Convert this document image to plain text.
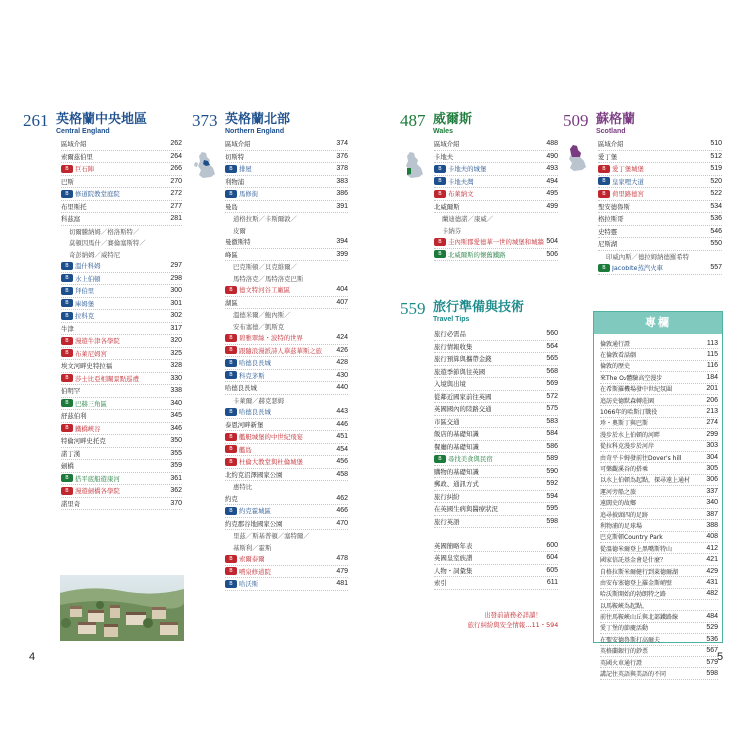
261 英格蘭中央地區
Central England
區域介紹	262
索爾茲伯里	264
B 巨石陣	266
巴斯	270
B 修道院教堂庭院	272
布里斯托	277
科茲窩	281
切爾騰納姆／格洛斯特／
莫頓因馬什／賽倫塞斯特／
奇彭納姆／威特尼
B 溫什科姆	297
B 水上伯頓	298
B 拜伯里	300
B 庫姆堡	301
B 拉科克	302
牛津	317
B 漫遊牛津各學院	320
B 布萊尼姆宮	325
埃文河畔史特拉福	328
B 莎士比亞相關景點巡禮	330
伯明罕	338
B 巴赫三角區	340
舒茲伯利	345
B 鐵橋峽谷	346
特倫河畔史托克	350
諾丁漢	355
劍橋	359
B 搭平底船遊康河	361
B 漫遊劍橋各學院	362
諾里奇	370
373 英格蘭北部
Northern England
區域介紹	374
切斯特	376
B 排屋	378
利物浦	383
B 馬修街	386
曼島	391
道格拉斯／卡斯爾敦／
皮爾
曼徹斯特	394
峰區	399
巴克斯頓／貝克維爾／
馬特洛克／馬特洛克巴斯
B 德文特河谷工廠區	404
湖區	407
溫德米爾／鮑內斯／
安布塞德／凱斯克
B 碧雅翠絲・波特的世界	424
B 跟隨浪漫派詩人華茲華斯之旅 426
B 哈德良長城	428
B 科克茅斯	430
哈德良長城	440
卡萊爾／赫克瑟姆
B 哈德良長城	443
泰恩河畔新堡	446
B 艦艇城堡的中世紀飛宴	451
B 艦島	454
B 杜倫大教堂與杜倫城堡	456
北約克沼澤國家公園	458
惠特比
約克	462
B 約克霍城區	466
約克郡谷地國家公園	470
里茲／斯基普頓／塞特爾／
基斯利／霍斯
B 索爾泰爾	478
B 噴泉修道院	479
B 哈沃斯	481
4
487 威爾斯
Wales
區域介紹	488
卡地夫	490
B 卡地夫的城堡	493
B 卡地夫灣	494
B 布萊納文	495
北威爾斯	499
蘭迪德諾／康威／
卡納芬
B 圭內斯郡愛德華一世的城堡和城牆 504
B 北威爾斯的懷舊鐵路	506
509 蘇格蘭
Scotland
區域介紹	510
愛丁堡	512
B 愛丁堡城堡	519
B 皇家哩大道	520
B 荷里路德宮	522
聖安德魯斯	534
格拉斯哥	536
史特靈	546
尼斯湖	550
印威內斯／德拉姆納德羅希特
B Jacobite蒸汽火車	557
559 旅行準備與技術
Travel Tips
旅行必需品	560
旅行情報收集	564
旅行預算與攜帶金錢	565
旅遊季節與往英國	568
入境與出境	569
從鄰近國家前往英國	572
英國國內的陸路交通	575
市區交通	583
飯店的基礎知識	584
餐廳的基礎知識	586
B 尋找美食與民宿	589
購物的基礎知識	590
郵政、通訊方式	592
旅行糾紛	594
在英國生病與醫療狀況	595
旅行英語	598
英國簡略年表	600
英國皇室族譜	604
人物・詞彙集	605
索引	611
出發前請務必詳讀！
旅行糾紛與安全情報…11・594
專欄
倫敦通行證	113
在倫敦看話劇	115
倫敦的歷史	116
來The O₂體驗高空漫步	184
在希斯羅機場發中世紀氛圍	201
追訪史德默森轉莊園	206
1066年的哈斯汀戰役	213
珍・奧斯丁與巴斯	274
漫步於水上伯頓的河畔	299
從拉科克漫步於河岸	303
由奇平卡姆發前往Dover's hill	304
可樂觀溪谷的搭乘	305
以水上伯頓為起點，探尋遠上通村 306
運河旁船之旅	337
遠闊史的故鄉	340
追尋披頭四的足跡	387
利物浦的足球場	388
巴克斯頓Country Park	408
從溫德米爾登上黑嘴斯特山	412
國家信託基金會是什麼？	421
自格拉斯米爾健行到萊德爾湖	429
由安布塞德登上羅金斯峭壁	431
哈沃斯開始的勃朗特之路	482
以馬鞍峽為起點，
前往馬鞍峽山丘與北部鐵路線	484
愛丁堡的節慶活動	529
在聖安德魯斯打高爾夫	536
英格蘭銀行的鈔票	567
英國火車通行證	579
講記住英語與美語的不同	598
5
